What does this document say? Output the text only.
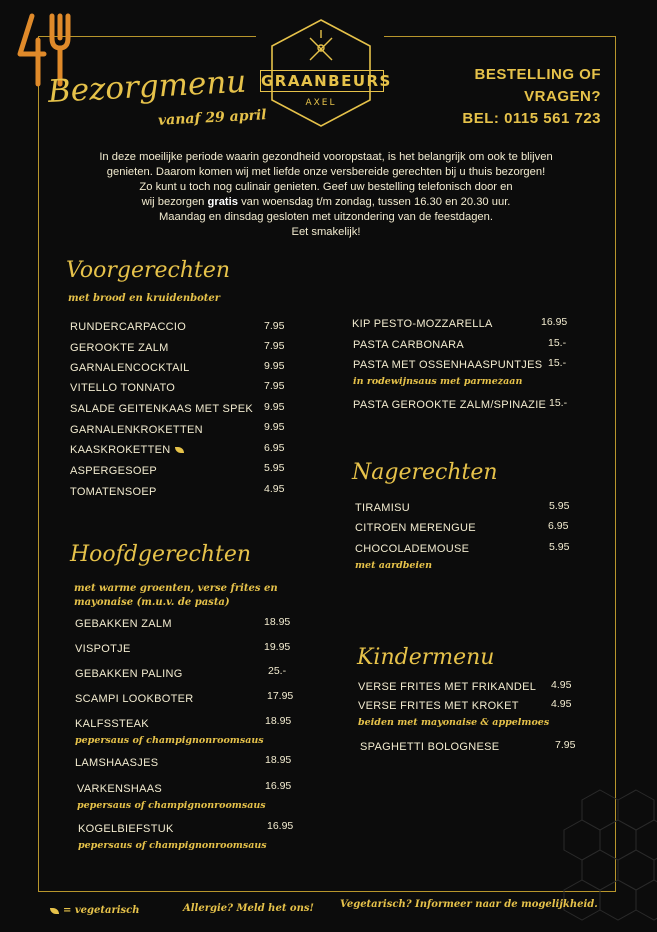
Bezorgmenu
vanaf 29 april
GRAANBEURS
AXEL
BESTELLING OF VRAGEN?
BEL: 0115 561 723
In deze moeilijke periode waarin gezondheid vooropstaat, is het belangrijk om ook te blijven
genieten. Daarom komen wij met liefde onze versbereide gerechten bij u thuis bezorgen!
Zo kunt u toch nog culinair genieten. Geef uw bestelling telefonisch door en
wij bezorgen gratis van woensdag t/m zondag, tussen 16.30 en 20.30 uur.
Maandag en dinsdag gesloten met uitzondering van de feestdagen.
Eet smakelijk!
Voorgerechten
met brood en kruidenboter
RUNDERCARPACCIO	7.95
GEROOKTE ZALM	7.95
GARNALENCOCKTAIL	9.95
VITELLO TONNATO	7.95
SALADE GEITENKAAS MET SPEK 9.95
GARNALENKROKETTEN	9.95
KAASKROKETTEN	6.95
ASPERGESOEP	5.95
TOMATENSOEP	4.95
Hoofdgerechten
met warme groenten, verse frites en
mayonaise (m.u.v. de pasta)
GEBAKKEN ZALM	18.95
VISPOTJE	19.95
GEBAKKEN PALING	25.-
SCAMPI LOOKBOTER	17.95
KALFSSTEAK	18.95
pepersaus of champignonroomsaus
LAMSHAASJES	18.95
VARKENSHAAS	16.95
pepersaus of champignonroomsaus
KOGELBIEFSTUK	16.95
pepersaus of champignonroomsaus
KIP PESTO-MOZZARELLA	16.95
PASTA CARBONARA	15.-
PASTA MET OSSENHAASPUNTJES 15.-
in rodewijnsaus met parmezaan
PASTA GEROOKTE ZALM/SPINAZIE 15.-
Nagerechten
TIRAMISU	5.95
CITROEN MERENGUE	6.95
CHOCOLADEMOUSE	5.95
met aardbeien
Kindermenu
VERSE FRITES MET FRIKANDEL 4.95
VERSE FRITES MET KROKET	4.95
beiden met mayonaise & appelmoes
SPAGHETTI BOLOGNESE	7.95
= vegetarisch	Allergie? Meld het ons!	Vegetarisch? Informeer naar de mogelijkheid.
